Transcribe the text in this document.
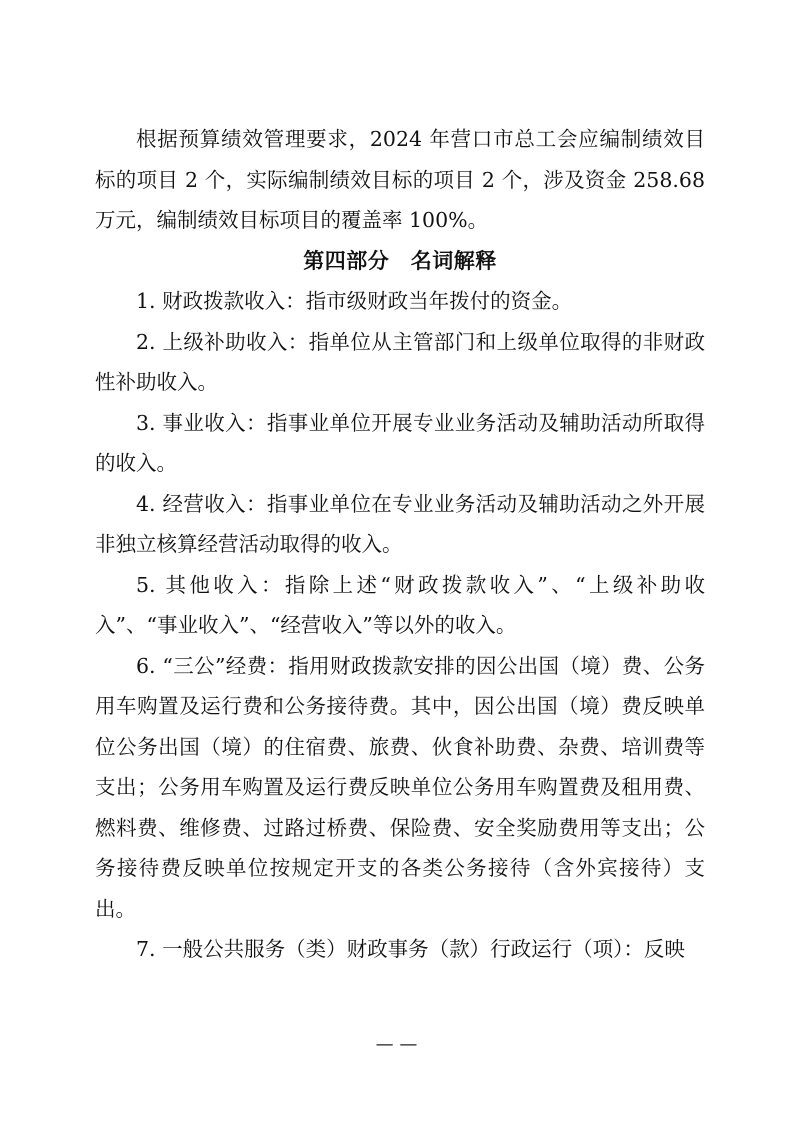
根据预算绩效管理要求，2024 年营口市总工会应编制绩效目标的项目 2 个，实际编制绩效目标的项目 2 个，涉及资金 258.68 万元，编制绩效目标项目的覆盖率 100%。

第四部分　名词解释

1. 财政拨款收入：指市级财政当年拨付的资金。

2. 上级补助收入：指单位从主管部门和上级单位取得的非财政性补助收入。

3. 事业收入：指事业单位开展专业业务活动及辅助活动所取得的收入。

4. 经营收入：指事业单位在专业业务活动及辅助活动之外开展非独立核算经营活动取得的收入。

5. 其他收入：指除上述“财政拨款收入”、“上级补助收入”、“事业收入”、“经营收入”等以外的收入。

6. “三公”经费：指用财政拨款安排的因公出国（境）费、公务用车购置及运行费和公务接待费。其中，因公出国（境）费反映单位公务出国（境）的住宿费、旅费、伙食补助费、杂费、培训费等支出；公务用车购置及运行费反映单位公务用车购置费及租用费、燃料费、维修费、过路过桥费、保险费、安全奖励费用等支出；公务接待费反映单位按规定开支的各类公务接待（含外宾接待）支出。

7. 一般公共服务（类）财政事务（款）行政运行（项）：反映

— —
